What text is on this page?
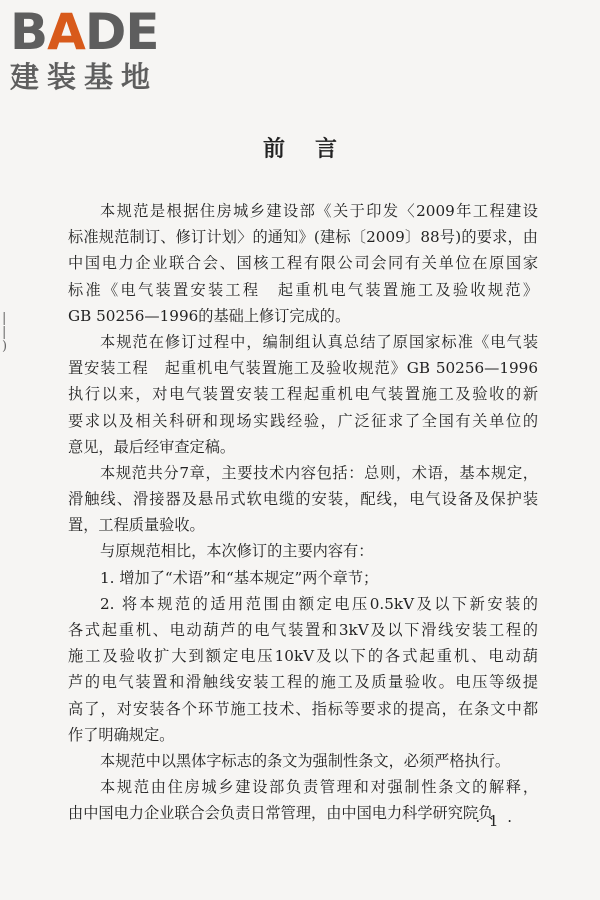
BADE
建装基地
|
|
)
前言

本规范是根据住房城乡建设部《关于印发〈2009年工程建设

标准规范制订、修订计划〉的通知》(建标〔2009〕88号)的要求，由

中国电力企业联合会、国核工程有限公司会同有关单位在原国家

标准《电气装置安装工程　起重机电气装置施工及验收规范》

GB 50256—1996的基础上修订完成的。

本规范在修订过程中，编制组认真总结了原国家标准《电气装

置安装工程　起重机电气装置施工及验收规范》GB 50256—1996

执行以来，对电气装置安装工程起重机电气装置施工及验收的新

要求以及相关科研和现场实践经验，广泛征求了全国有关单位的

意见，最后经审查定稿。

本规范共分7章，主要技术内容包括：总则，术语，基本规定，

滑触线、滑接器及悬吊式软电缆的安装，配线，电气设备及保护装

置，工程质量验收。

与原规范相比，本次修订的主要内容有：

1. 增加了“术语”和“基本规定”两个章节；

2. 将本规范的适用范围由额定电压0.5kV及以下新安装的

各式起重机、电动葫芦的电气装置和3kV及以下滑线安装工程的

施工及验收扩大到额定电压10kV及以下的各式起重机、电动葫

芦的电气装置和滑触线安装工程的施工及质量验收。电压等级提

高了，对安装各个环节施工技术、指标等要求的提高，在条文中都

作了明确规定。

本规范中以黑体字标志的条文为强制性条文，必须严格执行。

本规范由住房城乡建设部负责管理和对强制性条文的解释，

由中国电力企业联合会负责日常管理，由中国电力科学研究院负

· 1 ·
